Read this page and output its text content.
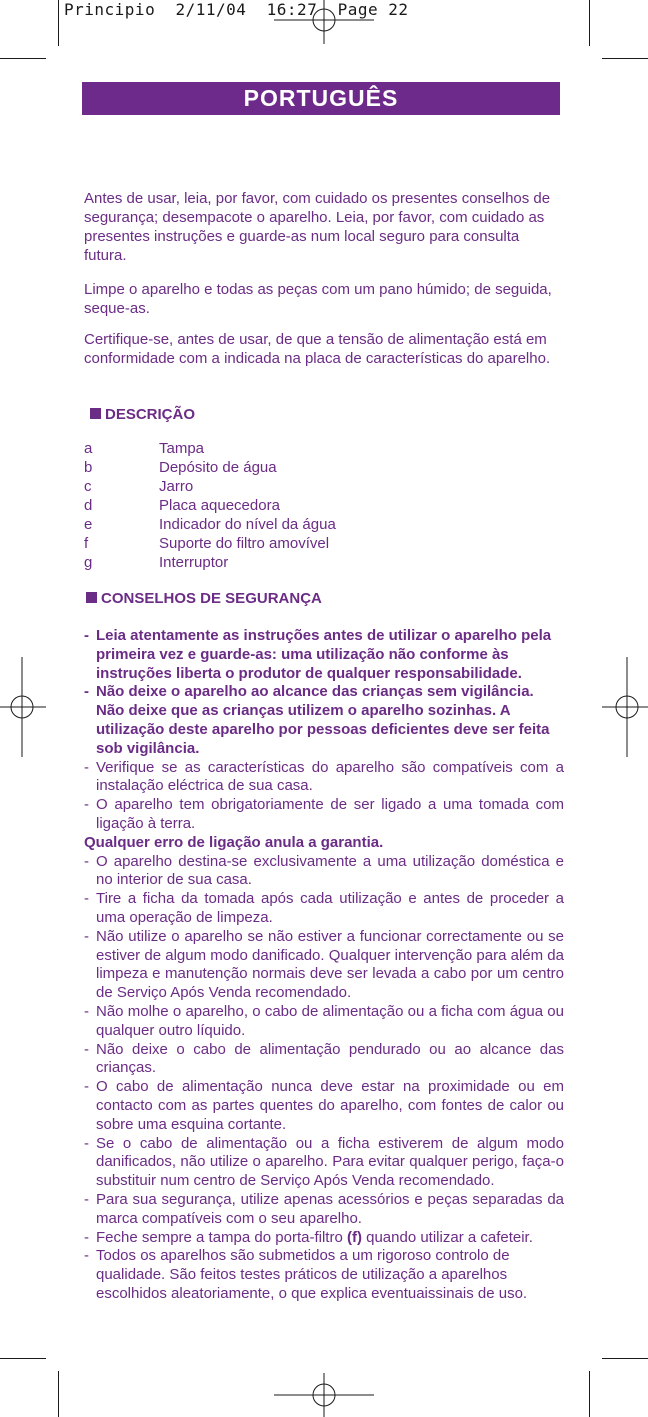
Principio  2/11/04  16:27  Page 22
PORTUGUÊS

Antes de usar, leia, por favor, com cuidado os presentes conselhos de segurança; desempacote o aparelho. Leia, por favor, com cuidado as presentes instruções e guarde-as num local seguro para consulta futura.

Limpe o aparelho e todas as peças com um pano húmido; de seguida, seque-as.

Certifique-se, antes de usar, de que a tensão de alimentação está em conformidade com a indicada na placa de características do aparelho.

DESCRIÇÃO
a	Tampa
b	Depósito de água
c	Jarro
d	Placa aquecedora
e	Indicador do nível da água
f	Suporte do filtro amovível
g	Interruptor
CONSELHOS DE SEGURANÇA
- Leia atentamente as instruções antes de utilizar o aparelho pela primeira vez e guarde-as: uma utilização não conforme às instruções liberta o produtor de qualquer responsabilidade.
- Não deixe o aparelho ao alcance das crianças sem vigilância. Não deixe que as crianças utilizem o aparelho sozinhas. A utilização deste aparelho por pessoas deficientes deve ser feita sob vigilância.
- Verifique se as características do aparelho são compatíveis com a instalação eléctrica de sua casa.
- O aparelho tem obrigatoriamente de ser ligado a uma tomada com ligação à terra.
Qualquer erro de ligação anula a garantia.
- O aparelho destina-se exclusivamente a uma utilização doméstica e no interior de sua casa.
- Tire a ficha da tomada após cada utilização e antes de proceder a uma operação de limpeza.
- Não utilize o aparelho se não estiver a funcionar correctamente ou se estiver de algum modo danificado. Qualquer intervenção para além da limpeza e manutenção normais deve ser levada a cabo por um centro de Serviço Após Venda recomendado.
- Não molhe o aparelho, o cabo de alimentação ou a ficha com água ou qualquer outro líquido.
- Não deixe o cabo de alimentação pendurado ou ao alcance das crianças.
- O cabo de alimentação nunca deve estar na proximidade ou em contacto com as partes quentes do aparelho, com fontes de calor ou sobre uma esquina cortante.
- Se o cabo de alimentação ou a ficha estiverem de algum modo danificados, não utilize o aparelho. Para evitar qualquer perigo, faça-o substituir num centro de Serviço Após Venda recomendado.
- Para sua segurança, utilize apenas acessórios e peças separadas da marca compatíveis com o seu aparelho.
- Feche sempre a tampa do porta-filtro (f) quando utilizar a cafeteir.
- Todos os aparelhos são submetidos a um rigoroso controlo de qualidade. São feitos testes práticos de utilização a aparelhos escolhidos aleatoriamente, o que explica eventuaissinais de uso.
